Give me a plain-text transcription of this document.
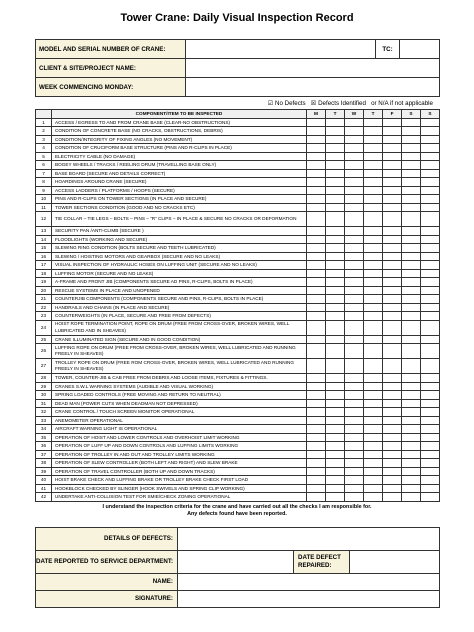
Tower Crane: Daily Visual Inspection Record
MODEL AND SERIAL NUMBER OF CRANE:		TC:	
CLIENT & SITE/PROJECT NAME:			
WEEK COMMENCING MONDAY:			
☑ No Defects ☒ Defects Identified or N/A if not applicable
	COMPONENT/ITEM TO BE INSPECTED	M	T	W	T	F	S	S
1	ACCESS / EGRESS TO AND FROM CRANE BASE (CLEAR-NO OBSTRUCTIONS)							
2	CONDITION OF CONCRETE BASE (NO CRACKS, OBSTRUCTIONS, DEBRIS)							
3	CONDITION/INTEGRITY OF FIXING ANGLES (NO MOVEMENT)							
4	CONDITION OF CRUCIFORM BASE STRUCTURE (PINS AND R-CLIPS IN PLACE)							
5	ELECTRICITY CABLE (NO DAMAGE)							
6	BOGEY WHEELS / TRACKS / REELING DRUM (TRAVELLING BASE ONLY)							
7	BASE BOARD (SECURE AND DETAILS CORRECT)							
8	HOARDINGS AROUND CRANE (SECURE)							
9	ACCESS LADDERS / PLATFORMS / HOOPS (SECURE)							
10	PINS AND R-CLIPS ON TOWER SECTIONS (IN PLACE AND SECURE)							
11	TOWER SECTIONS CONDITION (GOOD AND NO CRACKS ETC)							
12	TIE COLLAR – TIE LEGS – BOLTS – PINS – “R” CLIPS – IN PLACE & SECURE NO CRACKS OR DEFORMATION							
13	SECURITY PAN /ANTI-CLIMB (SECURE )							
14	FLOODLIGHTS (WORKING AND SECURE)							
15	SLEWING RING CONDITION (BOLTS SECURE AND TEETH LUBRICATED)							
16	SLEWING / HOISTING MOTORS AND GEARBOX (SECURE AND NO LEAKS)							
17	VISUAL INSPECTION OF HYDRAULIC HOSES ON LUFFING UNIT (SECURE AND NO LEAKS)							
18	LUFFING MOTOR (SECURE AND NO LEAKS)							
19	A-FRAME AND FRONT JIB (COMPONENTS SECURE AD PINS, R-CLIPS, BOLTS IN PLACE)							
20	RESCUE SYSTEMS IN PLACE AND UNOPENED							
21	COUNTERJIB COMPONENTS (COMPONENTS SECURE AND PINS, R-CLIPS, BOLTS IN PLACE)							
22	HANDRAILS AND CHAINS (IN PLACE AND SECURE)							
23	COUNTERWEIGHTS (IN PLACE, SECURE AND FREE FROM DEFECTS)							
24	HOIST ROPE TERMINATION POINT, ROPE ON DRUM (FREE FROM CROSS-OVER, BROKEN WIRES, WELL LUBRICATED AND IN SHEAVES)							
25	CRANE ILLUMINATED SIGN (SECURE AND IN GOOD CONDITION)							
26	LUFFING ROPE ON DRUM (FREE FROM CROSS-OVER, BROKEN WIRES, WELL LUBRICATED AND RUNNING FREELY IN SHEAVES)							
27	TROLLEY ROPE ON DRUM (FREE ROM CROSS-OVER, BROKEN WIRES, WELL LUBRICATED AND RUNNING FREELY IN SHEAVES)							
28	TOWER, COUNTER-JIB & CAB FREE FROM DEBRIS AND LOOSE ITEMS, FIXTURES & FITTINGS.							
29	CRANES S.W.L WARNING SYSTEMS (AUDIBLE AND VISUAL WORKING)							
30	SPRING LOADED CONTROLS (FREE MOVING AND RETURN TO NEUTRAL)							
31	DEAD MAN (POWER CUTS WHEN DEADMAN NOT DEPRESSED)							
32	CRANE CONTROL / TOUCH SCREEN MONITOR OPERATIONAL							
33	ANEMOMETER OPERATIONAL							
34	AIRCRAFT WARNING LIGHT IS OPERATIONAL							
35	OPERATION OF HOIST AND LOWER CONTROLS AND OVERHOIST LIMIT WORKING							
36	OPERATION OF LUFF UP AND DOWN CONTROLS AND LUFFING LIMITS WORKING							
37	OPERATION OF TROLLEY IN AND OUT AND TROLLEY LIMITS WORKING							
38	OPERATION OF SLEW CONTROLLER (BOTH LEFT AND RIGHT) AND SLEW BRAKE							
39	OPERATION OF TRAVEL CONTROLLER (BOTH UP AND DOWN TRACKS)							
40	HOIST BRAKE CHECK AND LUFFING BRAKE OR TROLLEY BRAKE CHECK FIRST LOAD							
41	HOOKBLOCK CHECKED BY SLINGER (HOOK SWIVELS AND SPRING CLIP WORKING)							
42	UNDERTAKE ANTI-COLLISION TEST FOR SMIE/CHECK ZONING OPERATIONAL							
I understand the inspection criteria for the crane and have carried out all the checks I am responsible for.
Any defects found have been reported.
DETAILS OF DEFECTS:			
DATE REPORTED TO SERVICE DEPARTMENT:		DATE DEFECT REPAIRED:	
NAME:			
SIGNATURE:			
